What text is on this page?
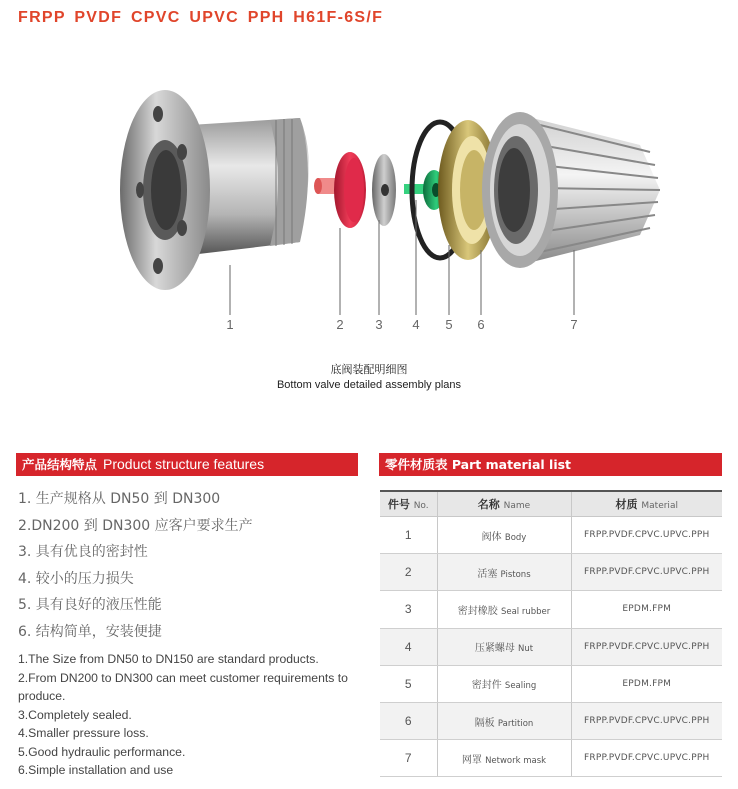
FRPP PVDF CPVC UPVC PPH H61F-6S/F
1	2	3	4	5	6	7
底阀装配明细图
Bottom valve detailed assembly plans
产品结构特点 Product structure features	零件材质表 Part material list
1. 生产规格从 DN50 到 DN300
2.DN200 到 DN300 应客户要求生产
3. 具有优良的密封性
4. 较小的压力损失
5. 具有良好的液压性能
6. 结构简单，安装便捷
1.The Size from DN50 to DN150 are standard products.
2.From DN200 to DN300 can meet customer requirements to produce.
3.Completely sealed.
4.Smaller pressure loss.
5.Good hydraulic performance.
6.Simple installation and use
件号 No.	名称 Name	材质 Material
1	阀体 Body	FRPP.PVDF.CPVC.UPVC.PPH
2	活塞 Pistons	FRPP.PVDF.CPVC.UPVC.PPH
3	密封橡胶 Seal rubber	EPDM.FPM
4	压紧螺母 Nut	FRPP.PVDF.CPVC.UPVC.PPH
5	密封件 Sealing	EPDM.FPM
6	隔板 Partition	FRPP.PVDF.CPVC.UPVC.PPH
7	网罩 Network mask	FRPP.PVDF.CPVC.UPVC.PPH
